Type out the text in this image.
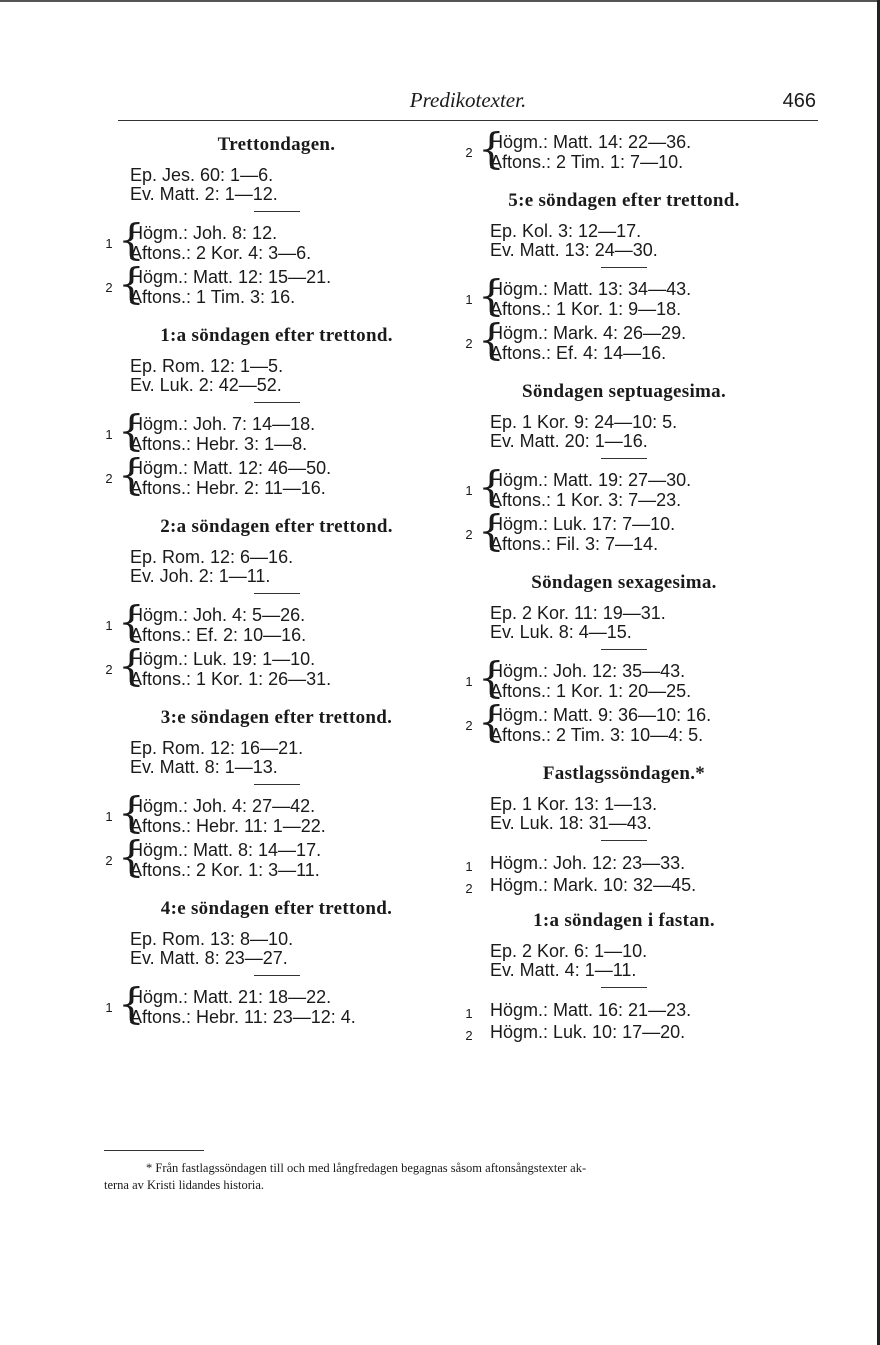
Predikotexter.	466
Trettondagen.
Ep. Jes. 60: 1—6.
Ev. Matt. 2: 1—12.
1 {
Högm.: Joh. 8: 12.
Aftons.: 2 Kor. 4: 3—6.
2 {
Högm.: Matt. 12: 15—21.
Aftons.: 1 Tim. 3: 16.
1:a söndagen efter trettond.
Ep. Rom. 12: 1—5.
Ev. Luk. 2: 42—52.
1 {
Högm.: Joh. 7: 14—18.
Aftons.: Hebr. 3: 1—8.
2 {
Högm.: Matt. 12: 46—50.
Aftons.: Hebr. 2: 11—16.
2:a söndagen efter trettond.
Ep. Rom. 12: 6—16.
Ev. Joh. 2: 1—11.
1 {
Högm.: Joh. 4: 5—26.
Aftons.: Ef. 2: 10—16.
2 {
Högm.: Luk. 19: 1—10.
Aftons.: 1 Kor. 1: 26—31.
3:e söndagen efter trettond.
Ep. Rom. 12: 16—21.
Ev. Matt. 8: 1—13.
1 {
Högm.: Joh. 4: 27—42.
Aftons.: Hebr. 11: 1—22.
2 {
Högm.: Matt. 8: 14—17.
Aftons.: 2 Kor. 1: 3—11.
4:e söndagen efter trettond.
Ep. Rom. 13: 8—10.
Ev. Matt. 8: 23—27.
1 {
Högm.: Matt. 21: 18—22.
Aftons.: Hebr. 11: 23—12: 4.
2 {
Högm.: Matt. 14: 22—36.
Aftons.: 2 Tim. 1: 7—10.
5:e söndagen efter trettond.
Ep. Kol. 3: 12—17.
Ev. Matt. 13: 24—30.
1 {
Högm.: Matt. 13: 34—43.
Aftons.: 1 Kor. 1: 9—18.
2 {
Högm.: Mark. 4: 26—29.
Aftons.: Ef. 4: 14—16.
Söndagen septuagesima.
Ep. 1 Kor. 9: 24—10: 5.
Ev. Matt. 20: 1—16.
1 {
Högm.: Matt. 19: 27—30.
Aftons.: 1 Kor. 3: 7—23.
2 {
Högm.: Luk. 17: 7—10.
Aftons.: Fil. 3: 7—14.
Söndagen sexagesima.
Ep. 2 Kor. 11: 19—31.
Ev. Luk. 8: 4—15.
1 {
Högm.: Joh. 12: 35—43.
Aftons.: 1 Kor. 1: 20—25.
2 {
Högm.: Matt. 9: 36—10: 16.
Aftons.: 2 Tim. 3: 10—4: 5.
Fastlagssöndagen.*
Ep. 1 Kor. 13: 1—13.
Ev. Luk. 18: 31—43.
1 Högm.: Joh. 12: 23—33.
2 Högm.: Mark. 10: 32—45.
1:a söndagen i fastan.
Ep. 2 Kor. 6: 1—10.
Ev. Matt. 4: 1—11.
1 Högm.: Matt. 16: 21—23.
2 Högm.: Luk. 10: 17—20.
* Från fastlagssöndagen till och med långfredagen begagnas såsom aftonsångstexter ak-
terna av Kristi lidandes historia.
